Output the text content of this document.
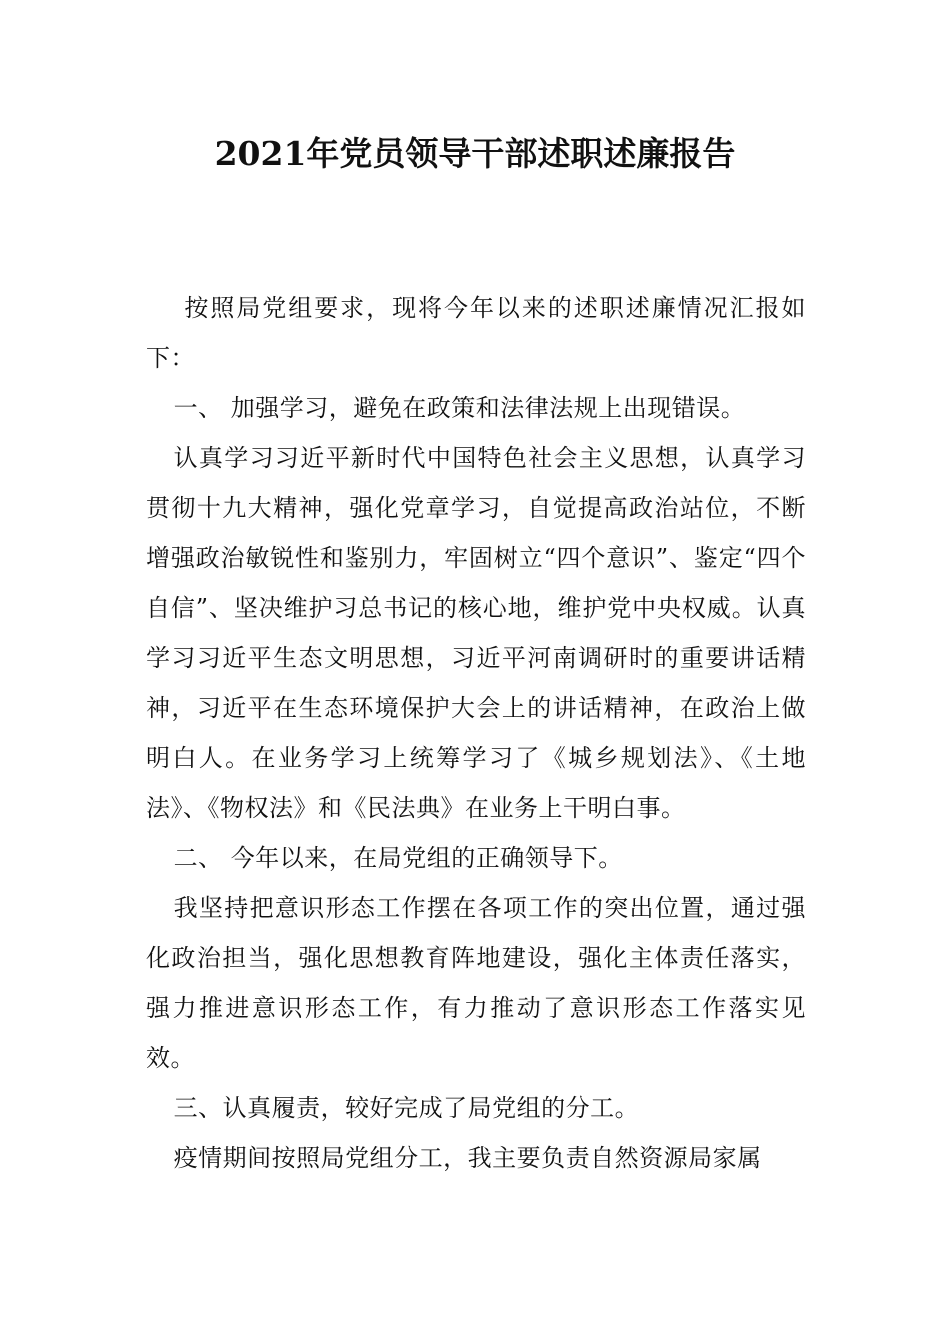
2021年党员领导干部述职述廉报告

按照局党组要求，现将今年以来的述职述廉情况汇报如下：

一、 加强学习，避免在政策和法律法规上出现错误。

认真学习习近平新时代中国特色社会主义思想，认真学习贯彻十九大精神，强化党章学习，自觉提高政治站位，不断增强政治敏锐性和鉴别力，牢固树立“四个意识”、鉴定“四个自信”、坚决维护习总书记的核心地，维护党中央权威。认真学习习近平生态文明思想，习近平河南调研时的重要讲话精神，习近平在生态环境保护大会上的讲话精神，在政治上做明白人。在业务学习上统筹学习了《城乡规划法》、《土地法》、《物权法》和《民法典》在业务上干明白事。

二、 今年以来，在局党组的正确领导下。

我坚持把意识形态工作摆在各项工作的突出位置，通过强化政治担当，强化思想教育阵地建设，强化主体责任落实，强力推进意识形态工作，有力推动了意识形态工作落实见效。

三、认真履责，较好完成了局党组的分工。

疫情期间按照局党组分工，我主要负责自然资源局家属
